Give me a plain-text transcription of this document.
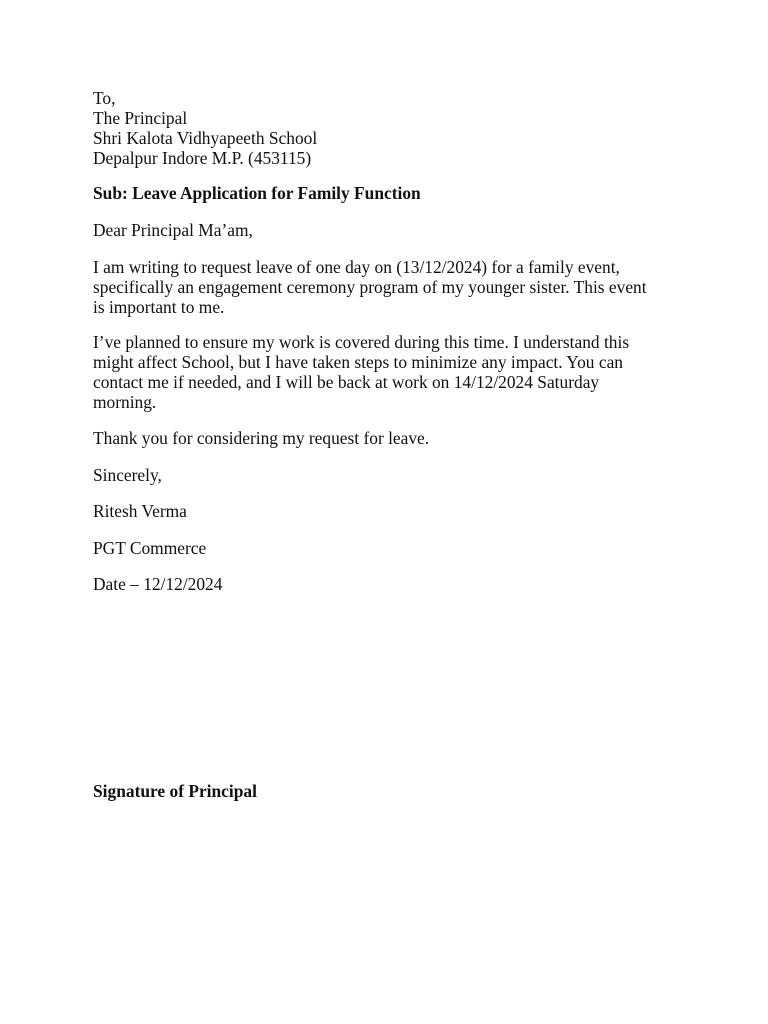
To,
The Principal
Shri Kalota Vidhyapeeth School
Depalpur Indore M.P. (453115)
Sub: Leave Application for Family Function
Dear Principal Ma’am,
I am writing to request leave of one day on (13/12/2024) for a family event,
specifically an engagement ceremony program of my younger sister. This event
is important to me.
I’ve planned to ensure my work is covered during this time. I understand this
might affect School, but I have taken steps to minimize any impact. You can
contact me if needed, and I will be back at work on 14/12/2024 Saturday
morning.
Thank you for considering my request for leave.
Sincerely,
Ritesh Verma
PGT Commerce
Date – 12/12/2024
Signature of Principal
